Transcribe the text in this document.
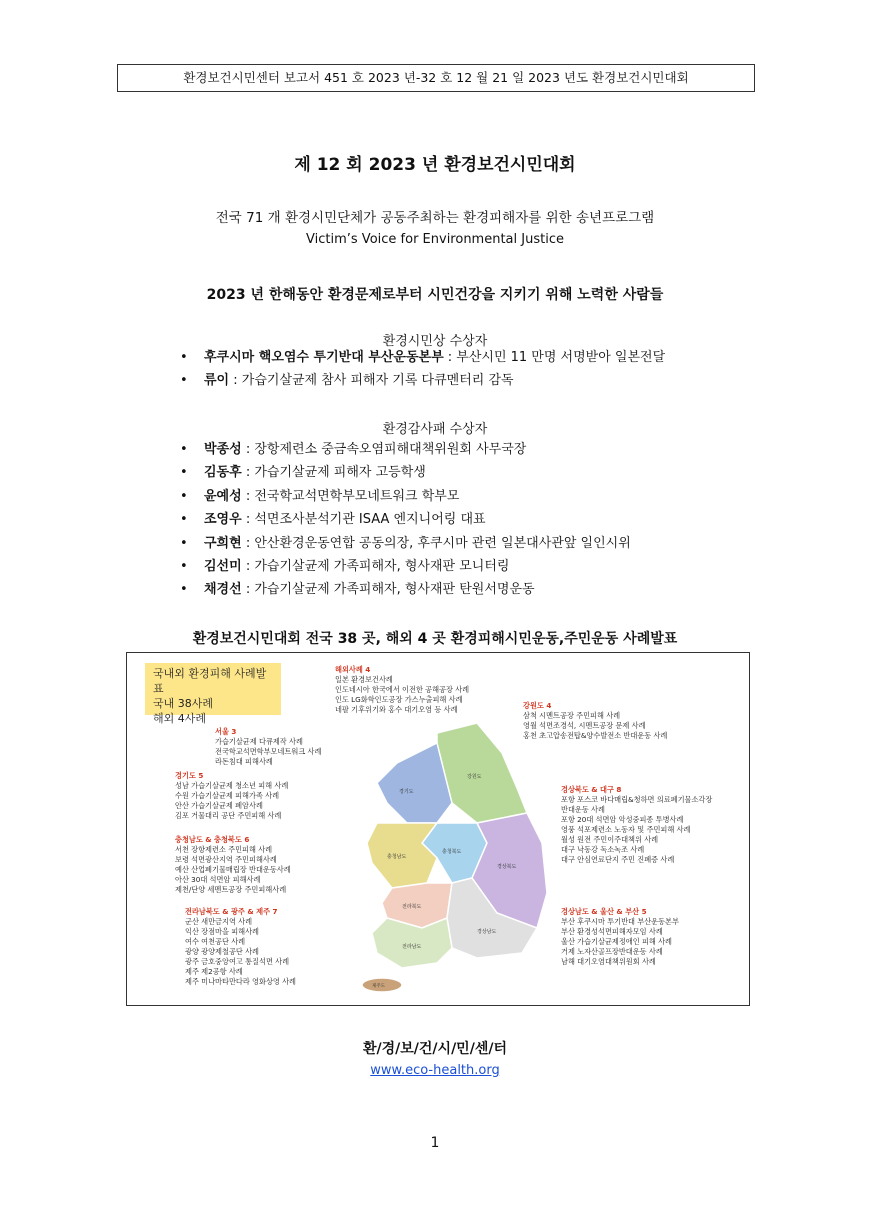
환경보건시민센터 보고서 451 호 2023 년-32 호 12 월 21 일 2023 년도 환경보건시민대회
제 12 회 2023 년 환경보건시민대회
전국 71 개 환경시민단체가 공동주최하는 환경피해자를 위한 송년프로그램
Victim’s Voice for Environmental Justice
2023 년 한해동안 환경문제로부터 시민건강을 지키기 위해 노력한 사람들
환경시민상 수상자
• 후쿠시마 핵오염수 투기반대 부산운동본부 : 부산시민 11 만명 서명받아 일본전달
• 류이 : 가습기살균제 참사 피해자 기록 다큐멘터리 감독
환경감사패 수상자
• 박종성 : 장항제련소 중금속오염피해대책위원회 사무국장
• 김동후 : 가습기살균제 피해자 고등학생
• 윤예성 : 전국학교석면학부모네트워크 학부모
• 조영우 : 석면조사분석기관 ISAA 엔지니어링 대표
• 구희현 : 안산환경운동연합 공동의장, 후쿠시마 관련 일본대사관앞 일인시위
• 김선미 : 가습기살균제 가족피해자, 형사재판 모니터링
• 채경선 : 가습기살균제 가족피해자, 형사재판 탄원서명운동
환경보건시민대회 전국 38 곳, 해외 4 곳 환경피해시민운동,주민운동 사례발표
국내외 환경피해 사례발표
국내 38사례
해외 4사례
경기도
강원도
충청북도
충청남도
경상북도
전라북도
경상남도
전라남도
제주도
해외사례 4
일본 환경보건사례
인도네시아 한국에서 이전한 공해공장 사례
인도 LG화학인도공장 가스누출피해 사례
네팔 기후위기와 홍수 대기오염 등 사례	강원도 4
삼척 시멘트공장 주민피해 사례
영월 석면조경석, 시멘트공장 문제 사례
홍천 초고압송전탑&양수발전소 반대운동 사례
서울 3
가습기살균제 다큐제작 사례
전국학교석면학부모네트워크 사례
라돈침대 피해사례
경기도 5
성남 가습기살균제 청소년 피해 사례
수원 가습기살균제 피해가족 사례
안산 가습기살균제 폐암사례
김포 거물대리 공단 주민피해 사례
경상북도 & 대구 8
포항 포스코 바다매립&청하면 의료폐기물소각장
반대운동 사례
포항 20대 석면암 악성중피종 투병사례
영풍 석포제련소 노동자 및 주민피해 사례
월성 원전 주민이주대책위 사례
대구 낙동강 독소녹조 사례
대구 안심연료단지 주민 진폐증 사례
충청남도 & 충청북도 6
서천 장항제련소 주민피해 사례
보령 석면광산지역 주민피해사례
예산 산업폐기물매립장 반대운동사례
아산 30대 석면암 피해사례
제천/단양 세멘트공장 주민피해사례
전라남북도 & 광주 & 제주 7
군산 새만금지역 사례
익산 장점마을 피해사례
여수 여천공단 사례
광양 광양제철공단 사례
광주 금호중앙여고 통질석면 사례
제주 제2공항 사례
제주 미나마타만다라 영화상영 사례
경상남도 & 울산 & 부산 5
부산 후쿠시마 투기반대 부산운동본부
부산 환경성석면피해자모임 사례
울산 가습기살균제정애인 피해 사례
거제 노자산골프장반대운동 사례
남해 대기오염대책위원회 사례
환/경/보/건/시/민/센/터
www.eco-health.org
1
